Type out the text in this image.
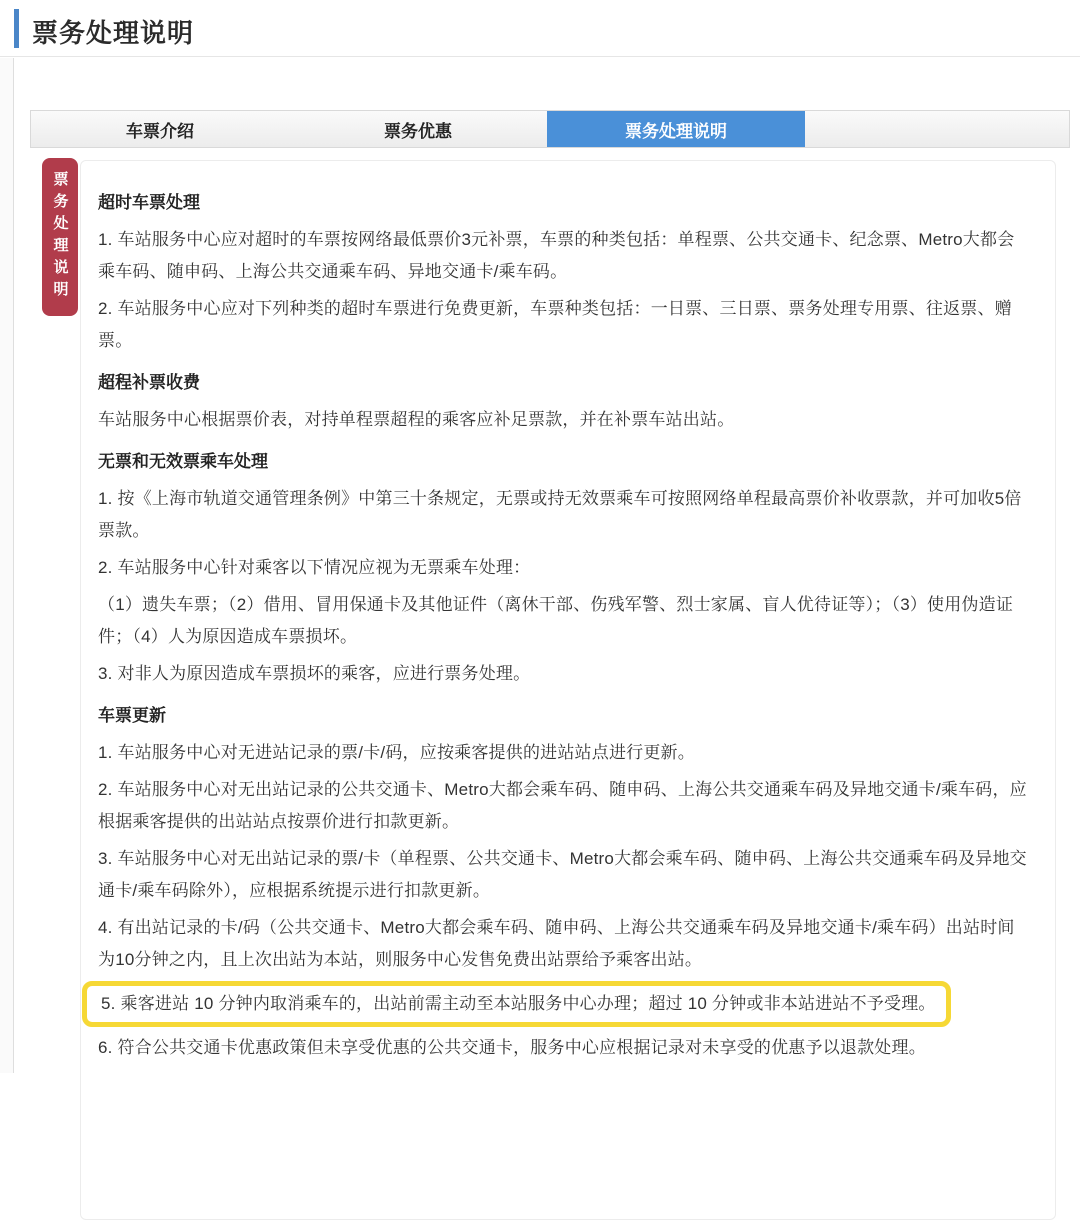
票务处理说明
车票介绍	票务优惠	票务处理说明
票务处理说明 超时车票处理

1. 车站服务中心应对超时的车票按网络最低票价3元补票，车票的种类包括：单程票、公共交通卡、纪念票、Metro大都会乘车码、随申码、上海公共交通乘车码、异地交通卡/乘车码。

2. 车站服务中心应对下列种类的超时车票进行免费更新，车票种类包括：一日票、三日票、票务处理专用票、往返票、赠票。

超程补票收费

车站服务中心根据票价表，对持单程票超程的乘客应补足票款，并在补票车站出站。

无票和无效票乘车处理

1. 按《上海市轨道交通管理条例》中第三十条规定，无票或持无效票乘车可按照网络单程最高票价补收票款，并可加收5倍票款。

2. 车站服务中心针对乘客以下情况应视为无票乘车处理：

（1）遗失车票；（2）借用、冒用保通卡及其他证件（离休干部、伤残军警、烈士家属、盲人优待证等）；（3）使用伪造证件；（4）人为原因造成车票损坏。

3. 对非人为原因造成车票损坏的乘客，应进行票务处理。

车票更新

1. 车站服务中心对无进站记录的票/卡/码，应按乘客提供的进站站点进行更新。

2. 车站服务中心对无出站记录的公共交通卡、Metro大都会乘车码、随申码、上海公共交通乘车码及异地交通卡/乘车码，应根据乘客提供的出站站点按票价进行扣款更新。

3. 车站服务中心对无出站记录的票/卡（单程票、公共交通卡、Metro大都会乘车码、随申码、上海公共交通乘车码及异地交通卡/乘车码除外），应根据系统提示进行扣款更新。

4. 有出站记录的卡/码（公共交通卡、Metro大都会乘车码、随申码、上海公共交通乘车码及异地交通卡/乘车码）出站时间为10分钟之内，且上次出站为本站，则服务中心发售免费出站票给予乘客出站。

5. 乘客进站 10 分钟内取消乘车的，出站前需主动至本站服务中心办理；超过 10 分钟或非本站进站不予受理。

6. 符合公共交通卡优惠政策但未享受优惠的公共交通卡，服务中心应根据记录对未享受的优惠予以退款处理。
